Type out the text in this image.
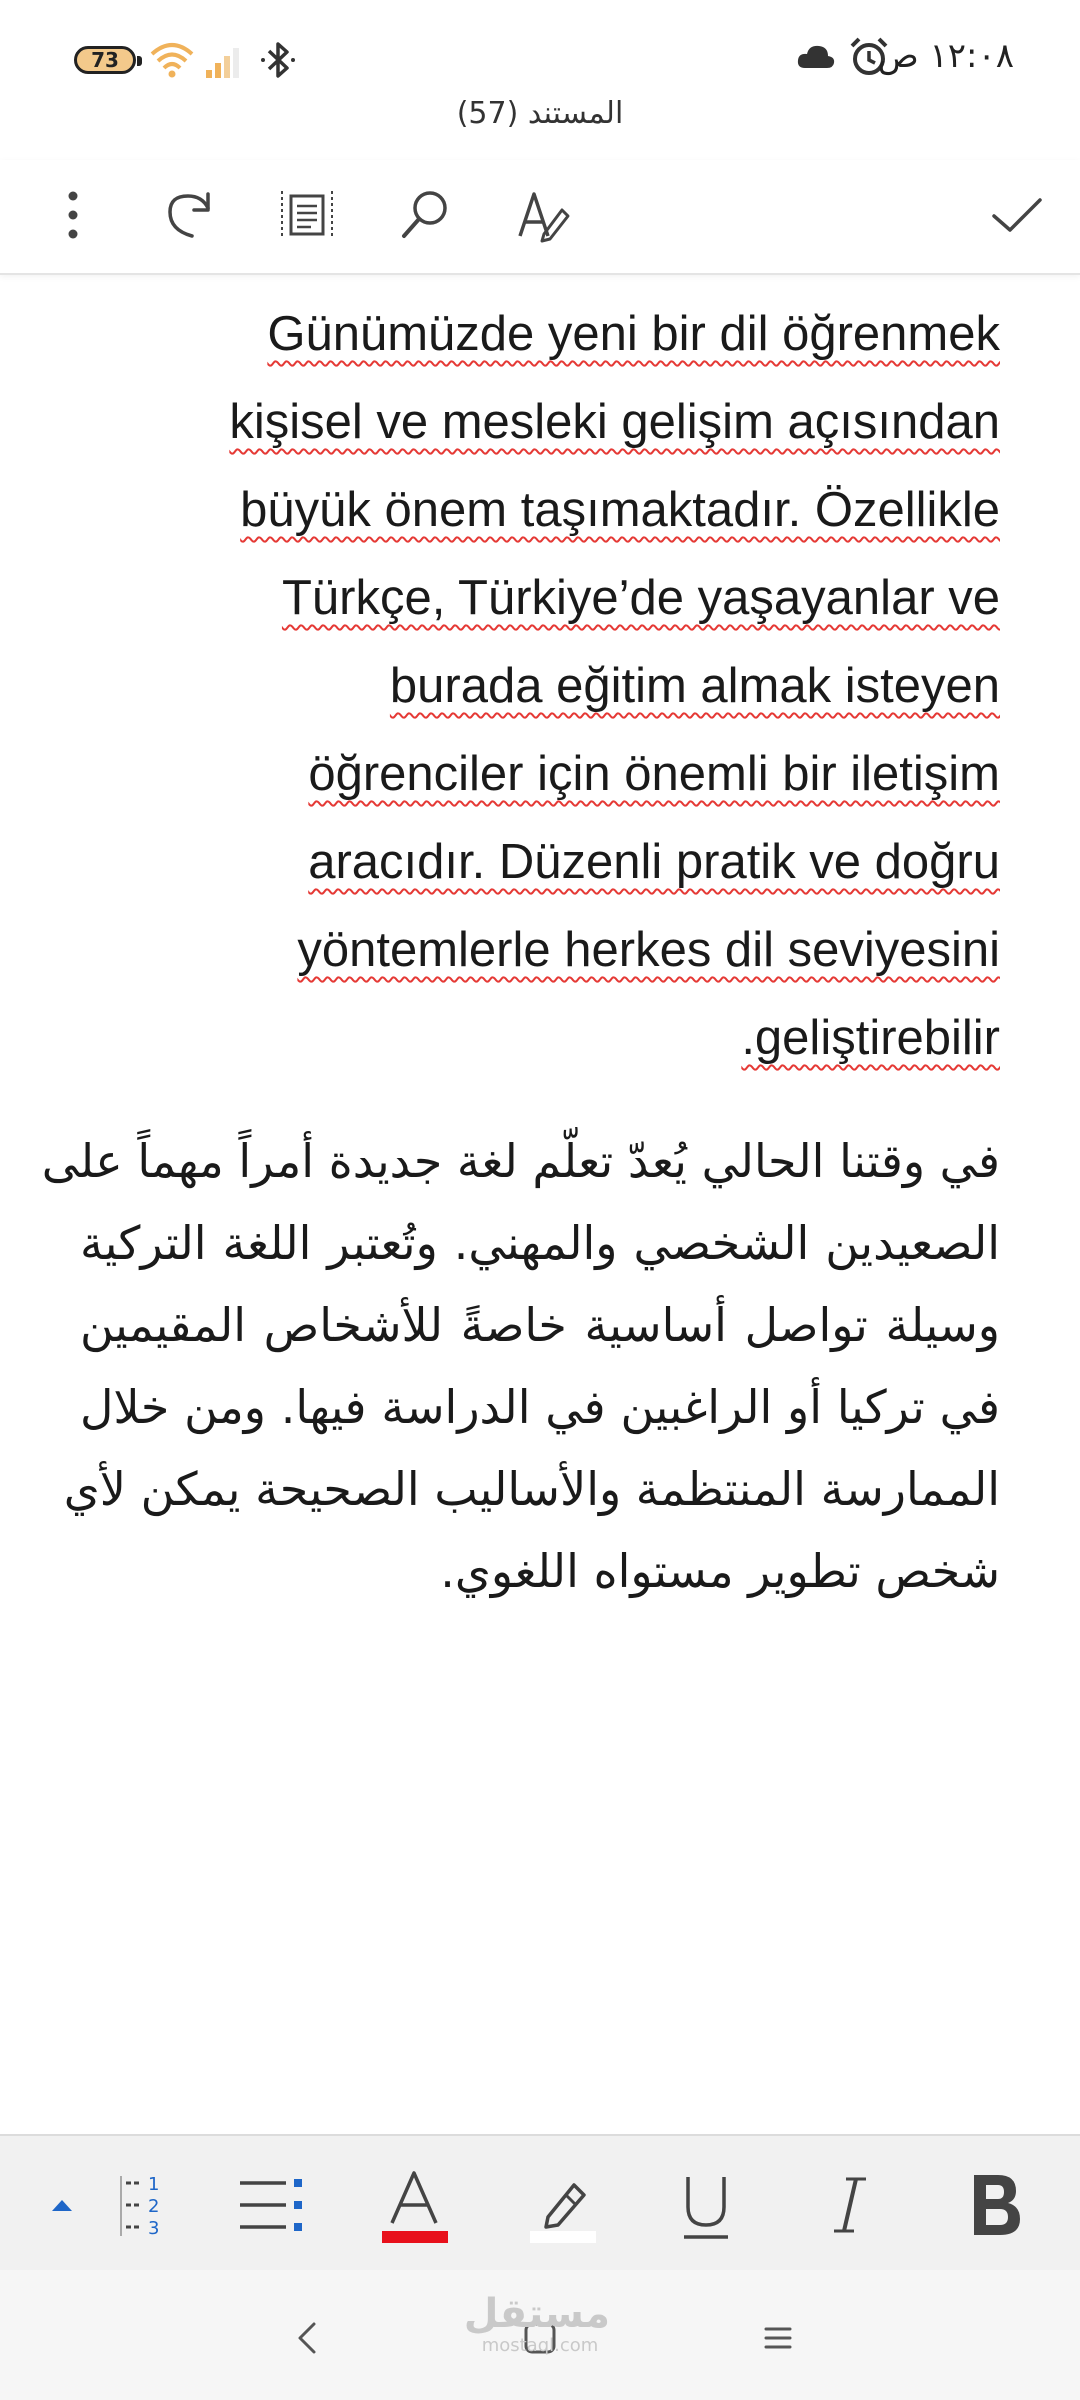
73	١٢:٠٨ ص
المستند (57)
Günümüzde yeni bir dil öğrenmek
kişisel ve mesleki gelişim açısından
büyük önem taşımaktadır. Özellikle
Türkçe, Türkiye’de yaşayanlar ve
burada eğitim almak isteyen
öğrenciler için önemli bir iletişim
aracıdır. Düzenli pratik ve doğru
yöntemlerle herkes dil seviyesini
.geliştirebilir
في وقتنا الحالي يُعدّ تعلّم لغة جديدة أمراً مهماً على
الصعيدين الشخصي والمهني. وتُعتبر اللغة التركية
وسيلة تواصل أساسية خاصةً للأشخاص المقيمين
في تركيا أو الراغبين في الدراسة فيها. ومن خلال
الممارسة المنتظمة والأساليب الصحيحة يمكن لأي
شخص تطوير مستواه اللغوي.
1
2
3
مستقل
mostaql.com
